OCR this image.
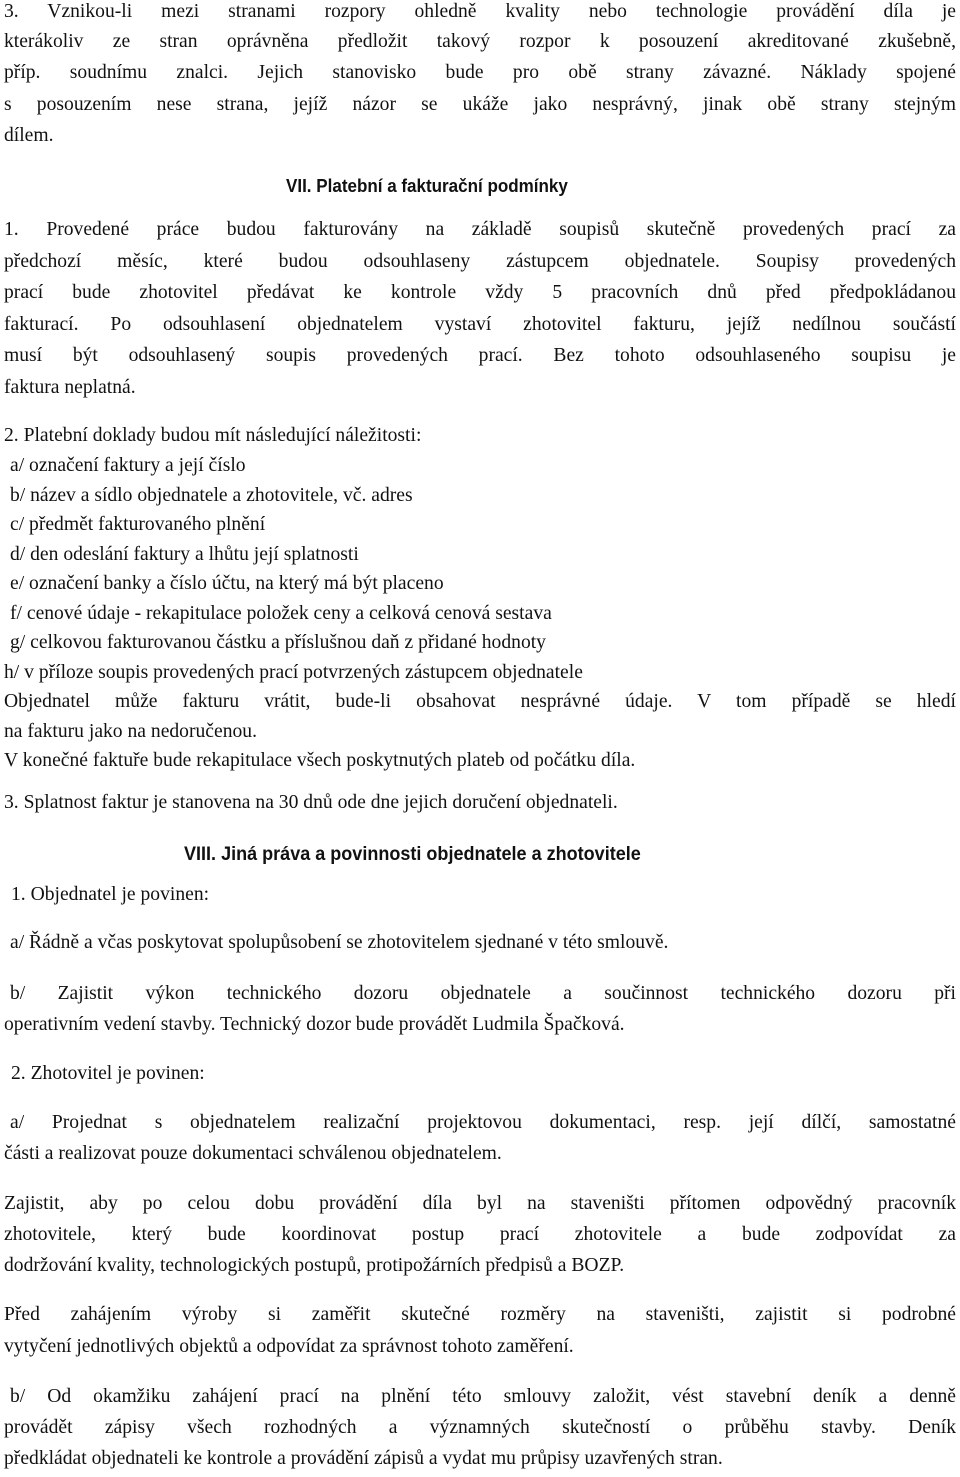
3. Vznikou-li mezi stranami rozpory ohledně kvality nebo technologie provádění díla je
kterákoliv ze stran oprávněna předložit takový rozpor k posouzení akreditované zkušebně,
příp. soudnímu znalci. Jejich stanovisko bude pro obě strany závazné. Náklady spojené
s posouzením nese strana, jejíž názor se ukáže jako nesprávný, jinak obě strany stejným
dílem.
VII. Platební a fakturační podmínky
1. Provedené práce budou fakturovány na základě soupisů skutečně provedených prací za
předchozí měsíc, které budou odsouhlaseny zástupcem objednatele. Soupisy provedených
prací bude zhotovitel předávat ke kontrole vždy 5 pracovních dnů před předpokládanou
fakturací. Po odsouhlasení objednatelem vystaví zhotovitel fakturu, jejíž nedílnou součástí
musí být odsouhlasený soupis provedených prací. Bez tohoto odsouhlaseného soupisu je
faktura neplatná.
2. Platební doklady budou mít následující náležitosti:
a/ označení faktury a její číslo
b/ název a sídlo objednatele a zhotovitele, vč. adres
c/ předmět fakturovaného plnění
d/ den odeslání faktury a lhůtu její splatnosti
e/ označení banky a číslo účtu, na který má být placeno
f/ cenové údaje - rekapitulace položek ceny a celková cenová sestava
g/ celkovou fakturovanou částku a příslušnou daň z přidané hodnoty
h/ v příloze soupis provedených prací potvrzených zástupcem objednatele
Objednatel může fakturu vrátit, bude-li obsahovat nesprávné údaje. V tom případě se hledí
na fakturu jako na nedoručenou.
V konečné faktuře bude rekapitulace všech poskytnutých plateb od počátku díla.
3. Splatnost faktur je stanovena na 30 dnů ode dne jejich doručení objednateli.
VIII. Jiná práva a povinnosti objednatele a zhotovitele
1. Objednatel je povinen:
a/ Řádně a včas poskytovat spolupůsobení se zhotovitelem sjednané v této smlouvě.
b/ Zajistit výkon technického dozoru objednatele a součinnost technického dozoru při
operativním vedení stavby. Technický dozor bude provádět Ludmila Špačková.
2. Zhotovitel je povinen:
a/ Projednat s objednatelem realizační projektovou dokumentaci, resp. její dílčí, samostatné
části a realizovat pouze dokumentaci schválenou objednatelem.
Zajistit, aby po celou dobu provádění díla byl na staveništi přítomen odpovědný pracovník
zhotovitele, který bude koordinovat postup prací zhotovitele a bude zodpovídat za
dodržování kvality, technologických postupů, protipožárních předpisů a BOZP.
Před zahájením výroby si zaměřit skutečné rozměry na staveništi, zajistit si podrobné
vytyčení jednotlivých objektů a odpovídat za správnost tohoto zaměření.
b/ Od okamžiku zahájení prací na plnění této smlouvy založit, vést stavební deník a denně
provádět zápisy všech rozhodných a významných skutečností o průběhu stavby. Deník
předkládat objednateli ke kontrole a provádění zápisů a vydat mu průpisy uzavřených stran.
